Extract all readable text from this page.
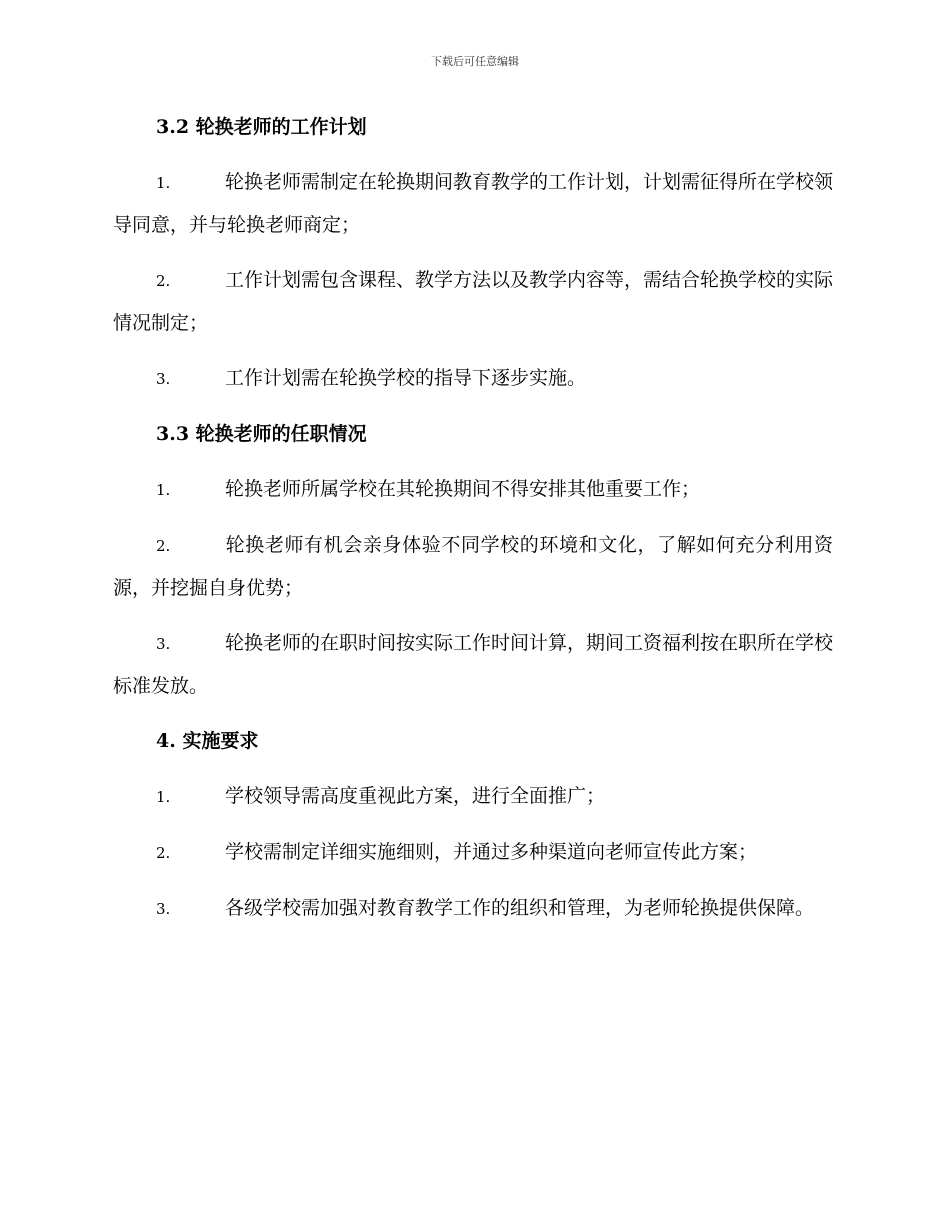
下载后可任意编辑
3.2 轮换老师的工作计划
1.	轮换老师需制定在轮换期间教育教学的工作计划，计划需征得所在学校领导同意，并与轮换老师商定；
2.	工作计划需包含课程、教学方法以及教学内容等，需结合轮换学校的实际情况制定；
3.	工作计划需在轮换学校的指导下逐步实施。
3.3 轮换老师的任职情况
1.	轮换老师所属学校在其轮换期间不得安排其他重要工作；
2.	轮换老师有机会亲身体验不同学校的环境和文化，了解如何充分利用资源，并挖掘自身优势；
3.	轮换老师的在职时间按实际工作时间计算，期间工资福利按在职所在学校标准发放。
4. 实施要求
1.	学校领导需高度重视此方案，进行全面推广；
2.	学校需制定详细实施细则，并通过多种渠道向老师宣传此方案；
3.	各级学校需加强对教育教学工作的组织和管理，为老师轮换提供保障。
